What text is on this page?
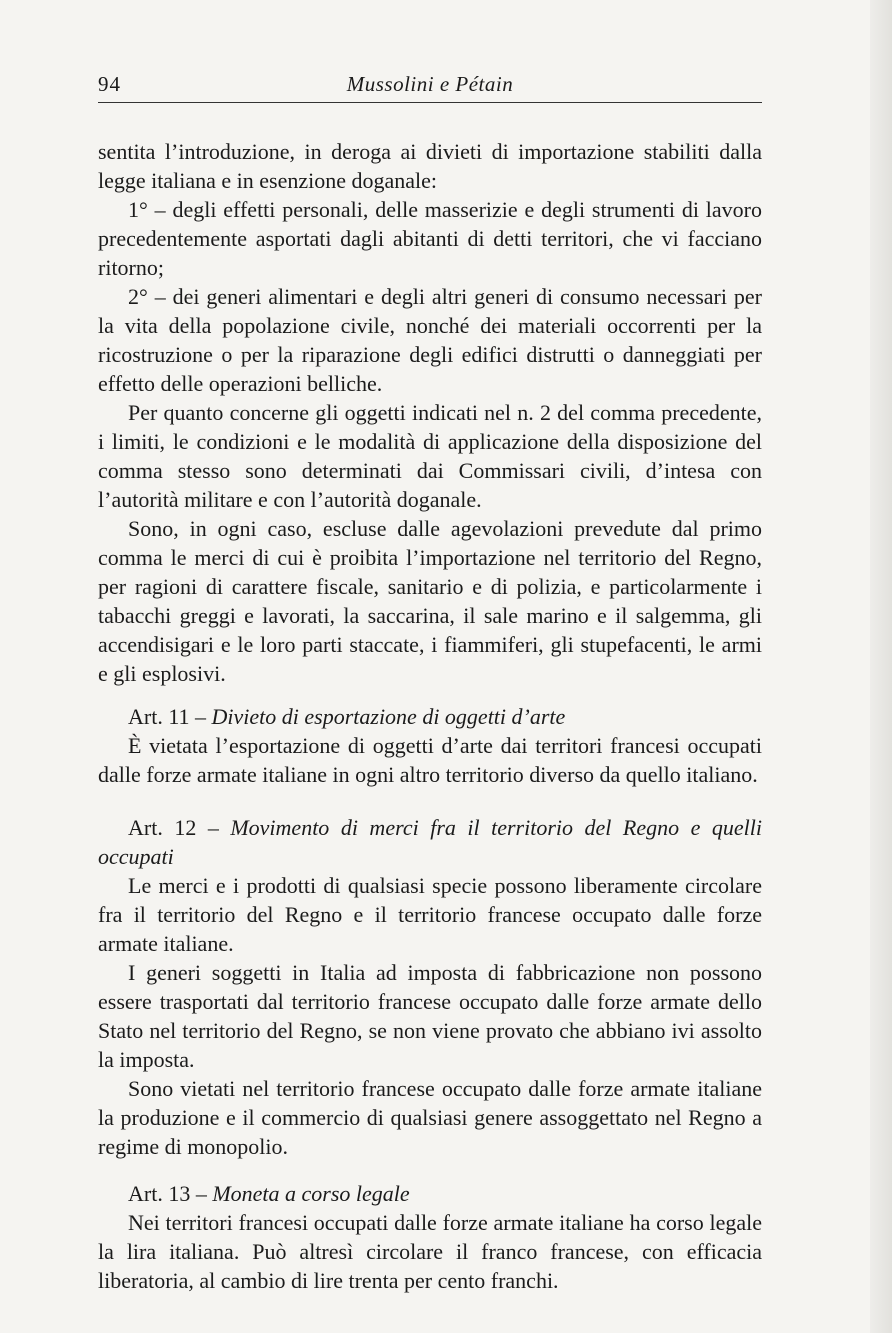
94	Mussolini e Pétain

sentita l’introduzione, in deroga ai divieti di importazione stabiliti dalla legge italiana e in esenzione doganale:

1° – degli effetti personali, delle masserizie e degli strumenti di lavoro precedentemente asportati dagli abitanti di detti territori, che vi facciano ritorno;

2° – dei generi alimentari e degli altri generi di consumo necessari per la vita della popolazione civile, nonché dei materiali occorrenti per la ricostruzione o per la riparazione degli edifici distrutti o danneggiati per effetto delle operazioni belliche.

Per quanto concerne gli oggetti indicati nel n. 2 del comma precedente, i limiti, le condizioni e le modalità di applicazione della disposizione del comma stesso sono determinati dai Commissari civili, d’intesa con l’autorità militare e con l’autorità doganale.

Sono, in ogni caso, escluse dalle agevolazioni prevedute dal primo comma le merci di cui è proibita l’importazione nel territorio del Regno, per ragioni di carattere fiscale, sanitario e di polizia, e particolarmente i tabacchi greggi e lavorati, la saccarina, il sale marino e il salgemma, gli accendisigari e le loro parti staccate, i fiammiferi, gli stupefacenti, le armi e gli esplosivi.

Art. 11 – Divieto di esportazione di oggetti d’arte

È vietata l’esportazione di oggetti d’arte dai territori francesi occupati dalle forze armate italiane in ogni altro territorio diverso da quello italiano.

Art. 12 – Movimento di merci fra il territorio del Regno e quelli occupati

Le merci e i prodotti di qualsiasi specie possono liberamente circolare fra il territorio del Regno e il territorio francese occupato dalle forze armate italiane.

I generi soggetti in Italia ad imposta di fabbricazione non possono essere trasportati dal territorio francese occupato dalle forze armate dello Stato nel territorio del Regno, se non viene provato che abbiano ivi assolto la imposta.

Sono vietati nel territorio francese occupato dalle forze armate italiane la produzione e il commercio di qualsiasi genere assoggettato nel Regno a regime di monopolio.

Art. 13 – Moneta a corso legale

Nei territori francesi occupati dalle forze armate italiane ha corso legale la lira italiana. Può altresì circolare il franco francese, con efficacia liberatoria, al cambio di lire trenta per cento franchi.
